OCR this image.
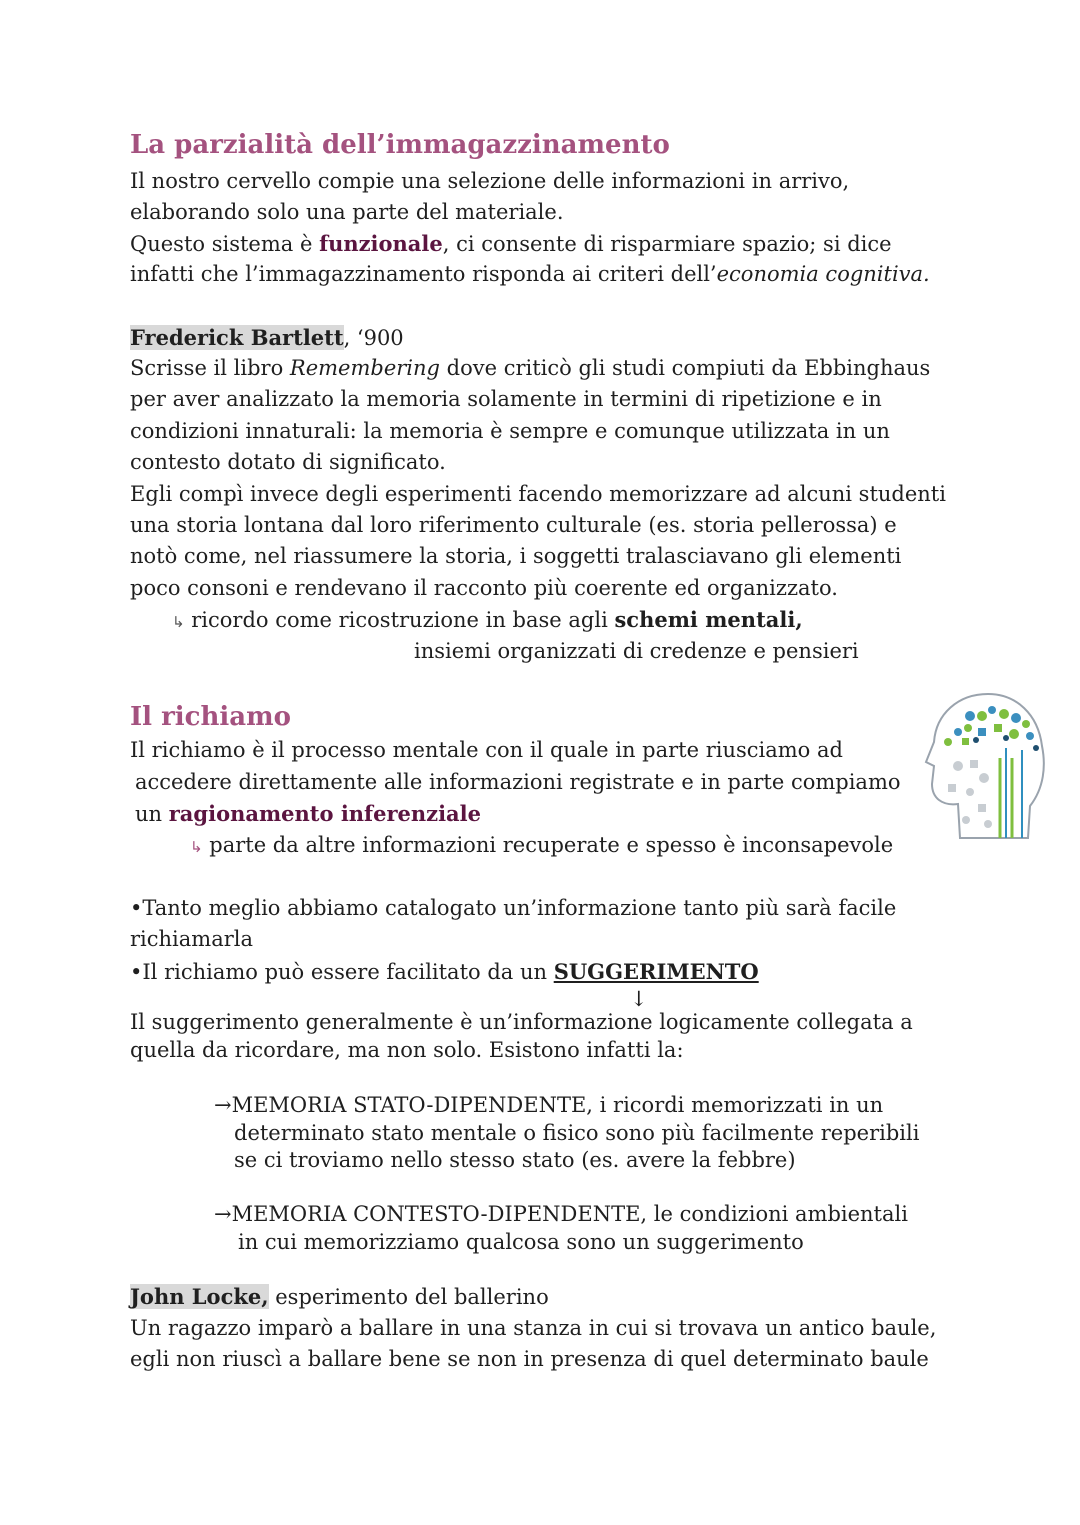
La parzialità dell’immagazzinamento

Il nostro cervello compie una selezione delle informazioni in arrivo,

elaborando solo una parte del materiale.

Questo sistema è funzionale, ci consente di risparmiare spazio; si dice

infatti che l’immagazzinamento risponda ai criteri dell’economia cognitiva.

Frederick Bartlett, ‘900

Scrisse il libro Remembering dove criticò gli studi compiuti da Ebbinghaus

per aver analizzato la memoria solamente in termini di ripetizione e in

condizioni innaturali: la memoria è sempre e comunque utilizzata in un

contesto dotato di significato.

Egli compì invece degli esperimenti facendo memorizzare ad alcuni studenti

una storia lontana dal loro riferimento culturale (es. storia pellerossa) e

notò come, nel riassumere la storia, i soggetti tralasciavano gli elementi

poco consoni e rendevano il racconto più coerente ed organizzato.

↳ ricordo come ricostruzione in base agli schemi mentali,

insiemi organizzati di credenze e pensieri

Il richiamo

Il richiamo è il processo mentale con il quale in parte riusciamo ad

accedere direttamente alle informazioni registrate e in parte compiamo

un ragionamento inferenziale

↳ parte da altre informazioni recuperate e spesso è inconsapevole

•Tanto meglio abbiamo catalogato un’informazione tanto più sarà facile

richiamarla

•Il richiamo può essere facilitato da un SUGGERIMENTO

↓

Il suggerimento generalmente è un’informazione logicamente collegata a

quella da ricordare, ma non solo. Esistono infatti la:

→MEMORIA STATO-DIPENDENTE, i ricordi memorizzati in un

determinato stato mentale o fisico sono più facilmente reperibili

se ci troviamo nello stesso stato (es. avere la febbre)

→MEMORIA CONTESTO-DIPENDENTE, le condizioni ambientali

in cui memorizziamo qualcosa sono un suggerimento

John Locke, esperimento del ballerino

Un ragazzo imparò a ballare in una stanza in cui si trovava un antico baule,

egli non riuscì a ballare bene se non in presenza di quel determinato baule
